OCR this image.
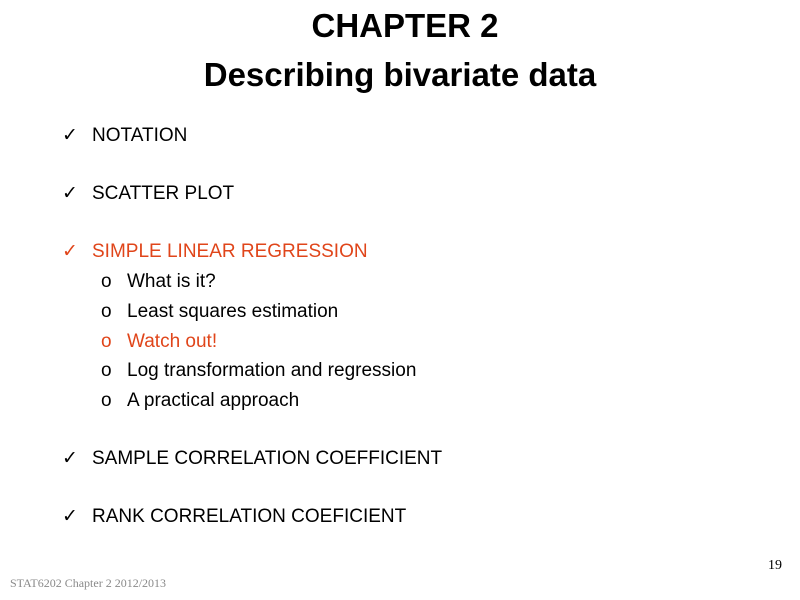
CHAPTER 2
Describing bivariate data
✓ NOTATION
✓ SCATTER PLOT
✓ SIMPLE LINEAR REGRESSION
o What is it?
o Least squares estimation
o Watch out!
o Log transformation and regression
o A practical approach
✓ SAMPLE CORRELATION COEFFICIENT
✓ RANK CORRELATION COEFICIENT
STAT6202 Chapter 2 2012/2013
19
